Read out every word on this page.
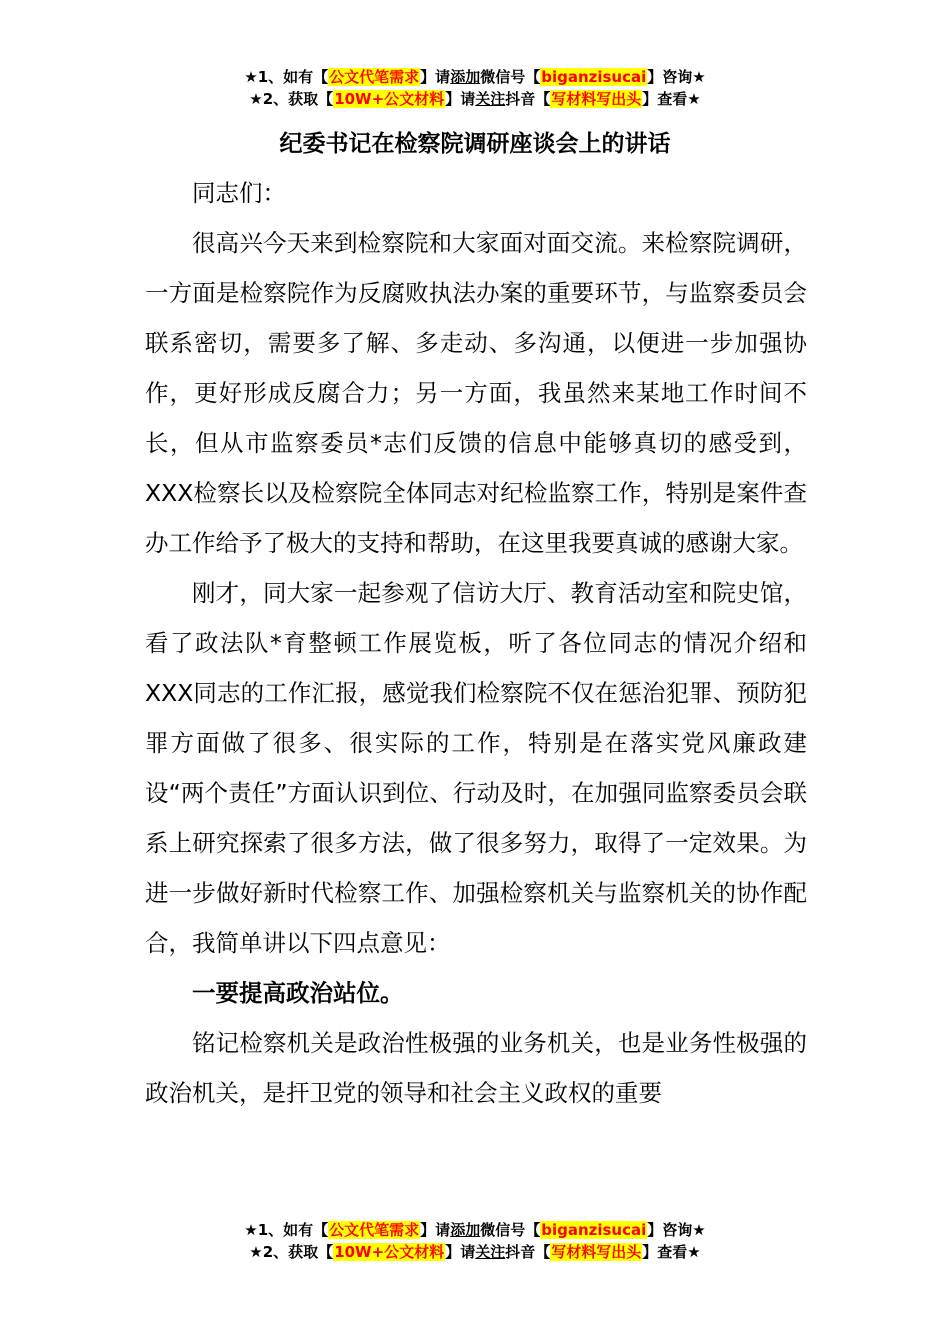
★1、如有【公文代笔需求】请添加微信号【biganzisucai】咨询★
★2、获取【10W+公文材料】请关注抖音【写材料写出头】查看★
纪委书记在检察院调研座谈会上的讲话

同志们：

很高兴今天来到检察院和大家面对面交流。来检察院调研，一方面是检察院作为反腐败执法办案的重要环节，与监察委员会联系密切，需要多了解、多走动、多沟通，以便进一步加强协作，更好形成反腐合力；另一方面，我虽然来某地工作时间不长，但从市监察委员*志们反馈的信息中能够真切的感受到，XXX检察长以及检察院全体同志对纪检监察工作，特别是案件查办工作给予了极大的支持和帮助，在这里我要真诚的感谢大家。

刚才，同大家一起参观了信访大厅、教育活动室和院史馆，看了政法队*育整顿工作展览板，听了各位同志的情况介绍和XXX同志的工作汇报，感觉我们检察院不仅在惩治犯罪、预防犯罪方面做了很多、很实际的工作，特别是在落实党风廉政建设“两个责任”方面认识到位、行动及时，在加强同监察委员会联系上研究探索了很多方法，做了很多努力，取得了一定效果。为进一步做好新时代检察工作、加强检察机关与监察机关的协作配合，我简单讲以下四点意见：

一要提高政治站位。

铭记检察机关是政治性极强的业务机关，也是业务性极强的政治机关，是扞卫党的领导和社会主义政权的重要

★1、如有【公文代笔需求】请添加微信号【biganzisucai】咨询★
★2、获取【10W+公文材料】请关注抖音【写材料写出头】查看★
